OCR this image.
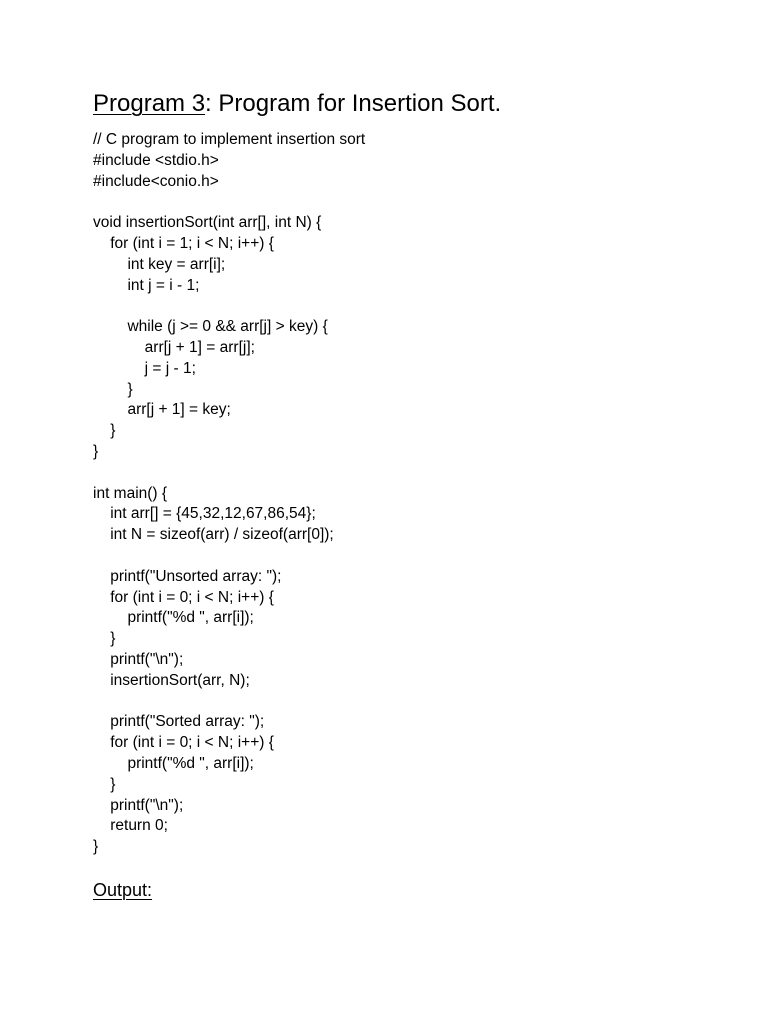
Program 3: Program for Insertion Sort.
// C program to implement insertion sort
#include <stdio.h>
#include<conio.h>
void insertionSort(int arr[], int N) {
for (int i = 1; i < N; i++) {
int key = arr[i];
int j = i - 1;
while (j >= 0 && arr[j] > key) {
arr[j + 1] = arr[j];
j = j - 1;
}
arr[j + 1] = key;
}
}
int main() {
int arr[] = {45,32,12,67,86,54};
int N = sizeof(arr) / sizeof(arr[0]);
printf("Unsorted array: ");
for (int i = 0; i < N; i++) {
printf("%d ", arr[i]);
}
printf("\n");
insertionSort(arr, N);
printf("Sorted array: ");
for (int i = 0; i < N; i++) {
printf("%d ", arr[i]);
}
printf("\n");
return 0;
}
Output:
